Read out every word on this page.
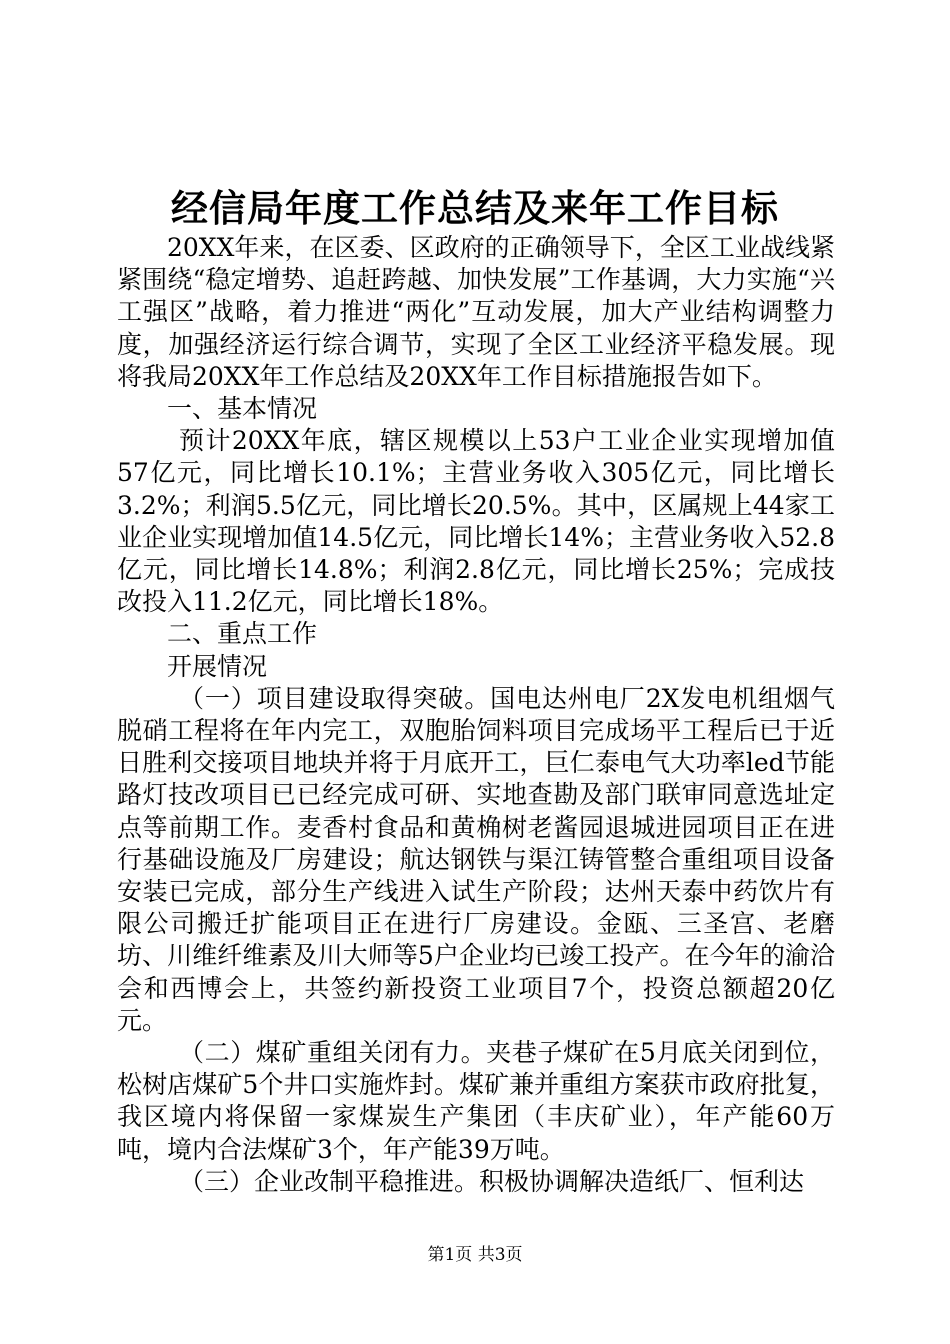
经信局年度工作总结及来年工作目标

20XX年来，在区委、区政府的正确领导下，全区工业战线紧紧围绕“稳定增势、追赶跨越、加快发展”工作基调，大力实施“兴工强区”战略，着力推进“两化”互动发展，加大产业结构调整力度，加强经济运行综合调节，实现了全区工业经济平稳发展。现将我局20XX年工作总结及20XX年工作目标措施报告如下。

一、基本情况

预计20XX年底，辖区规模以上53户工业企业实现增加值57亿元，同比增长10.1%；主营业务收入305亿元，同比增长3.2%；利润5.5亿元，同比增长20.5%。其中，区属规上44家工业企业实现增加值14.5亿元，同比增长14%；主营业务收入52.8亿元，同比增长14.8%；利润2.8亿元，同比增长25%；完成技改投入11.2亿元，同比增长18%。

二、重点工作

开展情况

（一）项目建设取得突破。国电达州电厂2X发电机组烟气脱硝工程将在年内完工，双胞胎饲料项目完成场平工程后已于近日胜利交接项目地块并将于月底开工，巨仁泰电气大功率led节能路灯技改项目已已经完成可研、实地查勘及部门联审同意选址定点等前期工作。麦香村食品和黄桷树老酱园退城进园项目正在进行基础设施及厂房建设；航达钢铁与渠江铸管整合重组项目设备安装已完成，部分生产线进入试生产阶段；达州天泰中药饮片有限公司搬迁扩能项目正在进行厂房建设。金瓯、三圣宫、老磨坊、川维纤维素及川大师等5户企业均已竣工投产。在今年的渝洽会和西博会上，共签约新投资工业项目7个，投资总额超20亿元。

（二）煤矿重组关闭有力。夹巷子煤矿在5月底关闭到位，松树店煤矿5个井口实施炸封。煤矿兼并重组方案获市政府批复，我区境内将保留一家煤炭生产集团（丰庆矿业），年产能60万吨，境内合法煤矿3个，年产能39万吨。

（三）企业改制平稳推进。积极协调解决造纸厂、恒利达

第1页 共3页
